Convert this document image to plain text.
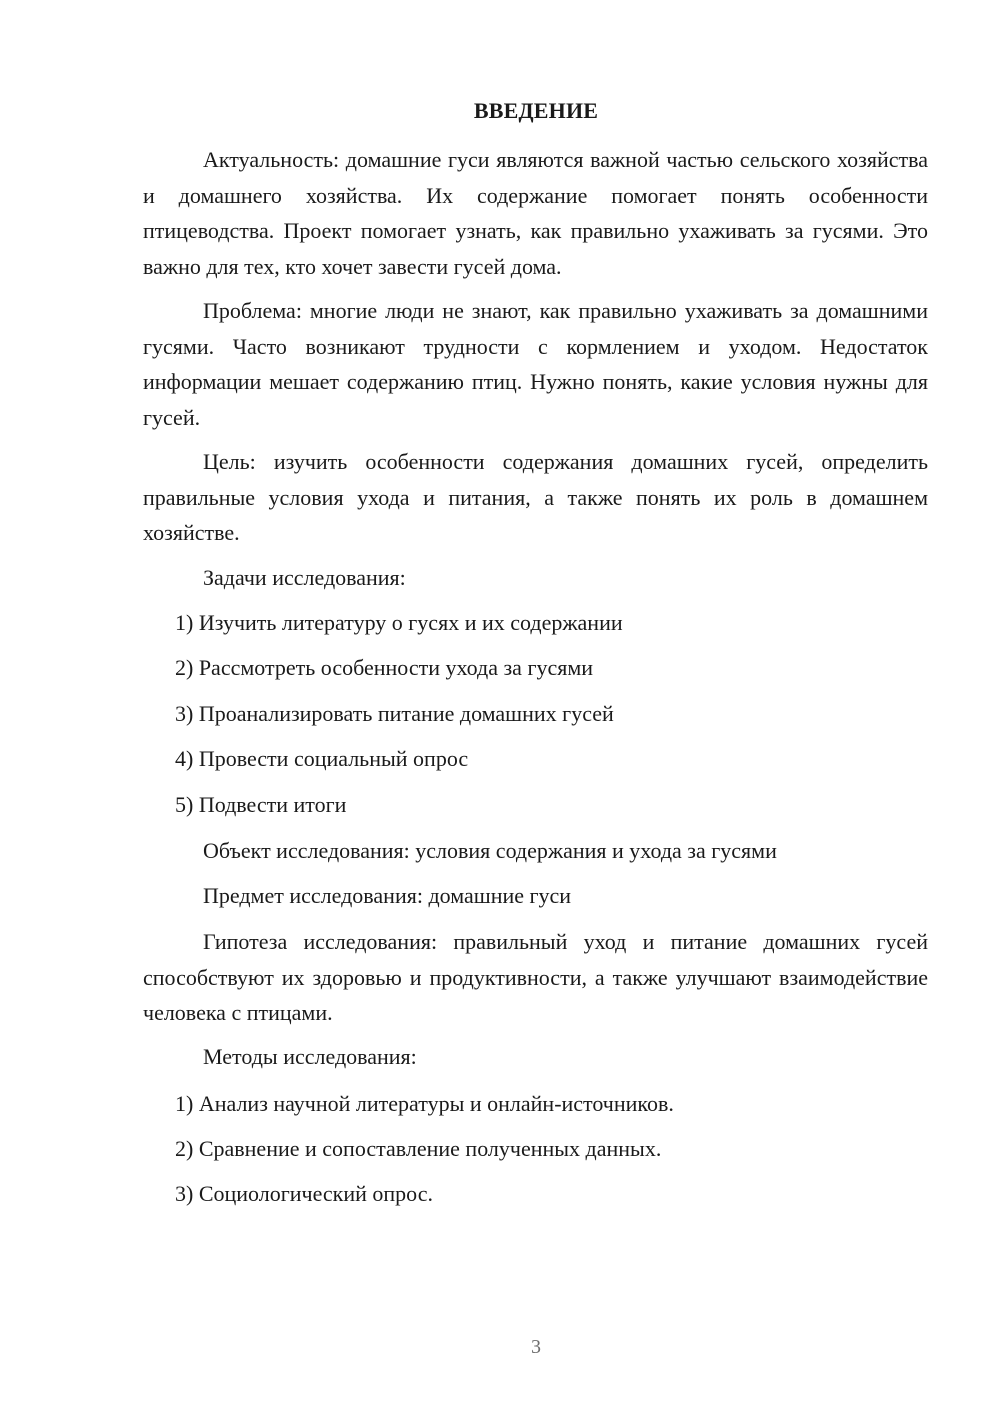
ВВЕДЕНИЕ
Актуальность: домашние гуси являются важной частью сельского хозяйства и домашнего хозяйства. Их содержание помогает понять особенности птицеводства. Проект помогает узнать, как правильно ухаживать за гусями. Это важно для тех, кто хочет завести гусей дома.
Проблема: многие люди не знают, как правильно ухаживать за домашними гусями. Часто возникают трудности с кормлением и уходом. Недостаток информации мешает содержанию птиц. Нужно понять, какие условия нужны для гусей.
Цель: изучить особенности содержания домашних гусей, определить правильные условия ухода и питания, а также понять их роль в домашнем хозяйстве.
Задачи исследования:
1) Изучить литературу о гусях и их содержании
2) Рассмотреть особенности ухода за гусями
3) Проанализировать питание домашних гусей
4) Провести социальный опрос
5) Подвести итоги
Объект исследования: условия содержания и ухода за гусями
Предмет исследования: домашние гуси
Гипотеза исследования: правильный уход и питание домашних гусей способствуют их здоровью и продуктивности, а также улучшают взаимодействие человека с птицами.
Методы исследования:
1) Анализ научной литературы и онлайн-источников.
2) Сравнение и сопоставление полученных данных.
3) Социологический опрос.
3
